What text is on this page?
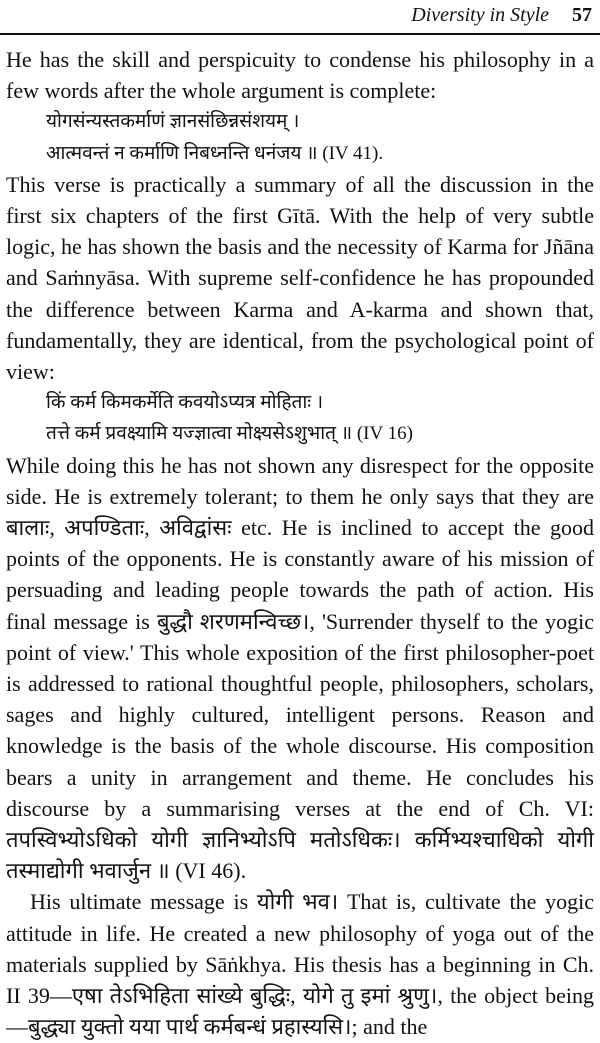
Diversity in Style 57

He has the skill and perspicuity to condense his philosophy in a few words after the whole argument is complete:

योगसंन्यस्तकर्माणं ज्ञानसंछिन्नसंशयम् ।
आत्मवन्तं न कर्माणि निबध्नन्ति धनंजय ॥ (IV 41).

This verse is practically a summary of all the discussion in the first six chapters of the first Gītā. With the help of very subtle logic, he has shown the basis and the necessity of Karma for Jñāna and Saṁnyāsa. With supreme self-confidence he has propounded the difference between Karma and A-karma and shown that, fundamentally, they are identical, from the psychological point of view:

किं कर्म किमकर्मेति कवयोऽप्यत्र मोहिताः ।
तत्ते कर्म प्रवक्ष्यामि यज्ज्ञात्वा मोक्ष्यसेऽशुभात् ॥ (IV 16)

While doing this he has not shown any disrespect for the opposite side. He is extremely tolerant; to them he only says that they are बालाः, अपण्डिताः, अविद्वांसः etc. He is inclined to accept the good points of the opponents. He is constantly aware of his mission of persuading and leading people towards the path of action. His final message is बुद्धौ शरणमन्विच्छ।, 'Surrender thyself to the yogic point of view.' This whole exposition of the first philosopher-poet is addressed to rational thoughtful people, philosophers, scholars, sages and highly cultured, intelligent persons. Reason and knowledge is the basis of the whole discourse. His composition bears a unity in arrangement and theme. He concludes his discourse by a summarising verses at the end of Ch. VI: तपस्विभ्योऽधिको योगी ज्ञानिभ्योऽपि मतोऽधिकः। कर्मिभ्यश्चाधिको योगी तस्माद्योगी भवार्जुन ॥ (VI 46).

His ultimate message is योगी भव। That is, cultivate the yogic attitude in life. He created a new philosophy of yoga out of the materials supplied by Sāṅkhya. His thesis has a beginning in Ch. II 39—एषा तेऽभिहिता सांख्ये बुद्धिः, योगे तु इमां श्रुणु।, the object being—बुद्ध्या युक्तो यया पार्थ कर्मबन्धं प्रहास्यसि।; and the
